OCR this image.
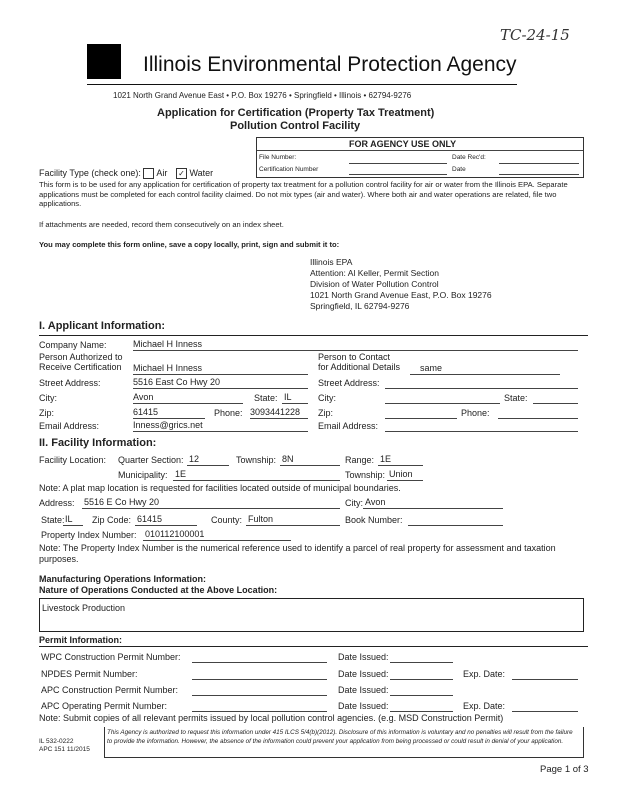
TC-24-15
Illinois Environmental Protection Agency
1021 North Grand Avenue East • P.O. Box 19276 • Springfield • Illinois • 62794-9276
Application for Certification (Property Tax Treatment)
Pollution Control Facility
FOR AGENCY USE ONLY
File Number:	Date Rec'd:
Certification Number	Date
Facility Type (check one): Air ✓ Water
This form is to be used for any application for certification of property tax treatment for a pollution control facility for air or water from the Illinois EPA. Separate applications must be completed for each control facility claimed. Do not mix types (air and water). Where both air and water operations are related, file two applications.
If attachments are needed, record them consecutively on an index sheet.
You may complete this form online, save a copy locally, print, sign and submit it to:
Illinois EPA
Attention: Al Keller, Permit Section
Division of Water Pollution Control
1021 North Grand Avenue East, P.O. Box 19276
Springfield, IL 62794-9276
I. Applicant Information:
Company Name:	Michael H Inness
Person Authorized to
Receive Certification Michael H Inness
Person to Contact
for Additional Details same
Street Address:	5516 East Co Hwy 20	Street Address:
City:	Avon	State: IL	City:	State:
Zip:	61415	Phone: 3093441228 Zip:	Phone:
Email Address:	Inness@grics.net	Email Address:
II. Facility Information:
Facility Location: Quarter Section: 12	Township: 8N	Range: 1E
Municipality: 1E	Township: Union
Note: A plat map location is requested for facilities located outside of municipal boundaries.
Address: 5516 E Co Hwy 20	City: Avon
State: IL Zip Code: 61415	County: Fulton	Book Number:
Property Index Number: 010112100001
Note: The Property Index Number is the numerical reference used to identify a parcel of real property for assessment and taxation purposes.
Manufacturing Operations Information:
Nature of Operations Conducted at the Above Location:
Livestock Production
Permit Information:
WPC Construction Permit Number:	Date Issued:
NPDES Permit Number:	Date Issued:	Exp. Date:
APC Construction Permit Number:	Date Issued:
APC Operating Permit Number:	Date Issued:	Exp. Date:
Note: Submit copies of all relevant permits issued by local pollution control agencies. (e.g. MSD Construction Permit)
IL 532-0222
APC 151 11/2015
This Agency is authorized to request this information under 415 ILCS 5/4(b)(2012). Disclosure of this information is voluntary and no penalties will result from the failure to provide the information. However, the absence of the information could prevent your application from being processed or could result in denial of your application.
Page 1 of 3
